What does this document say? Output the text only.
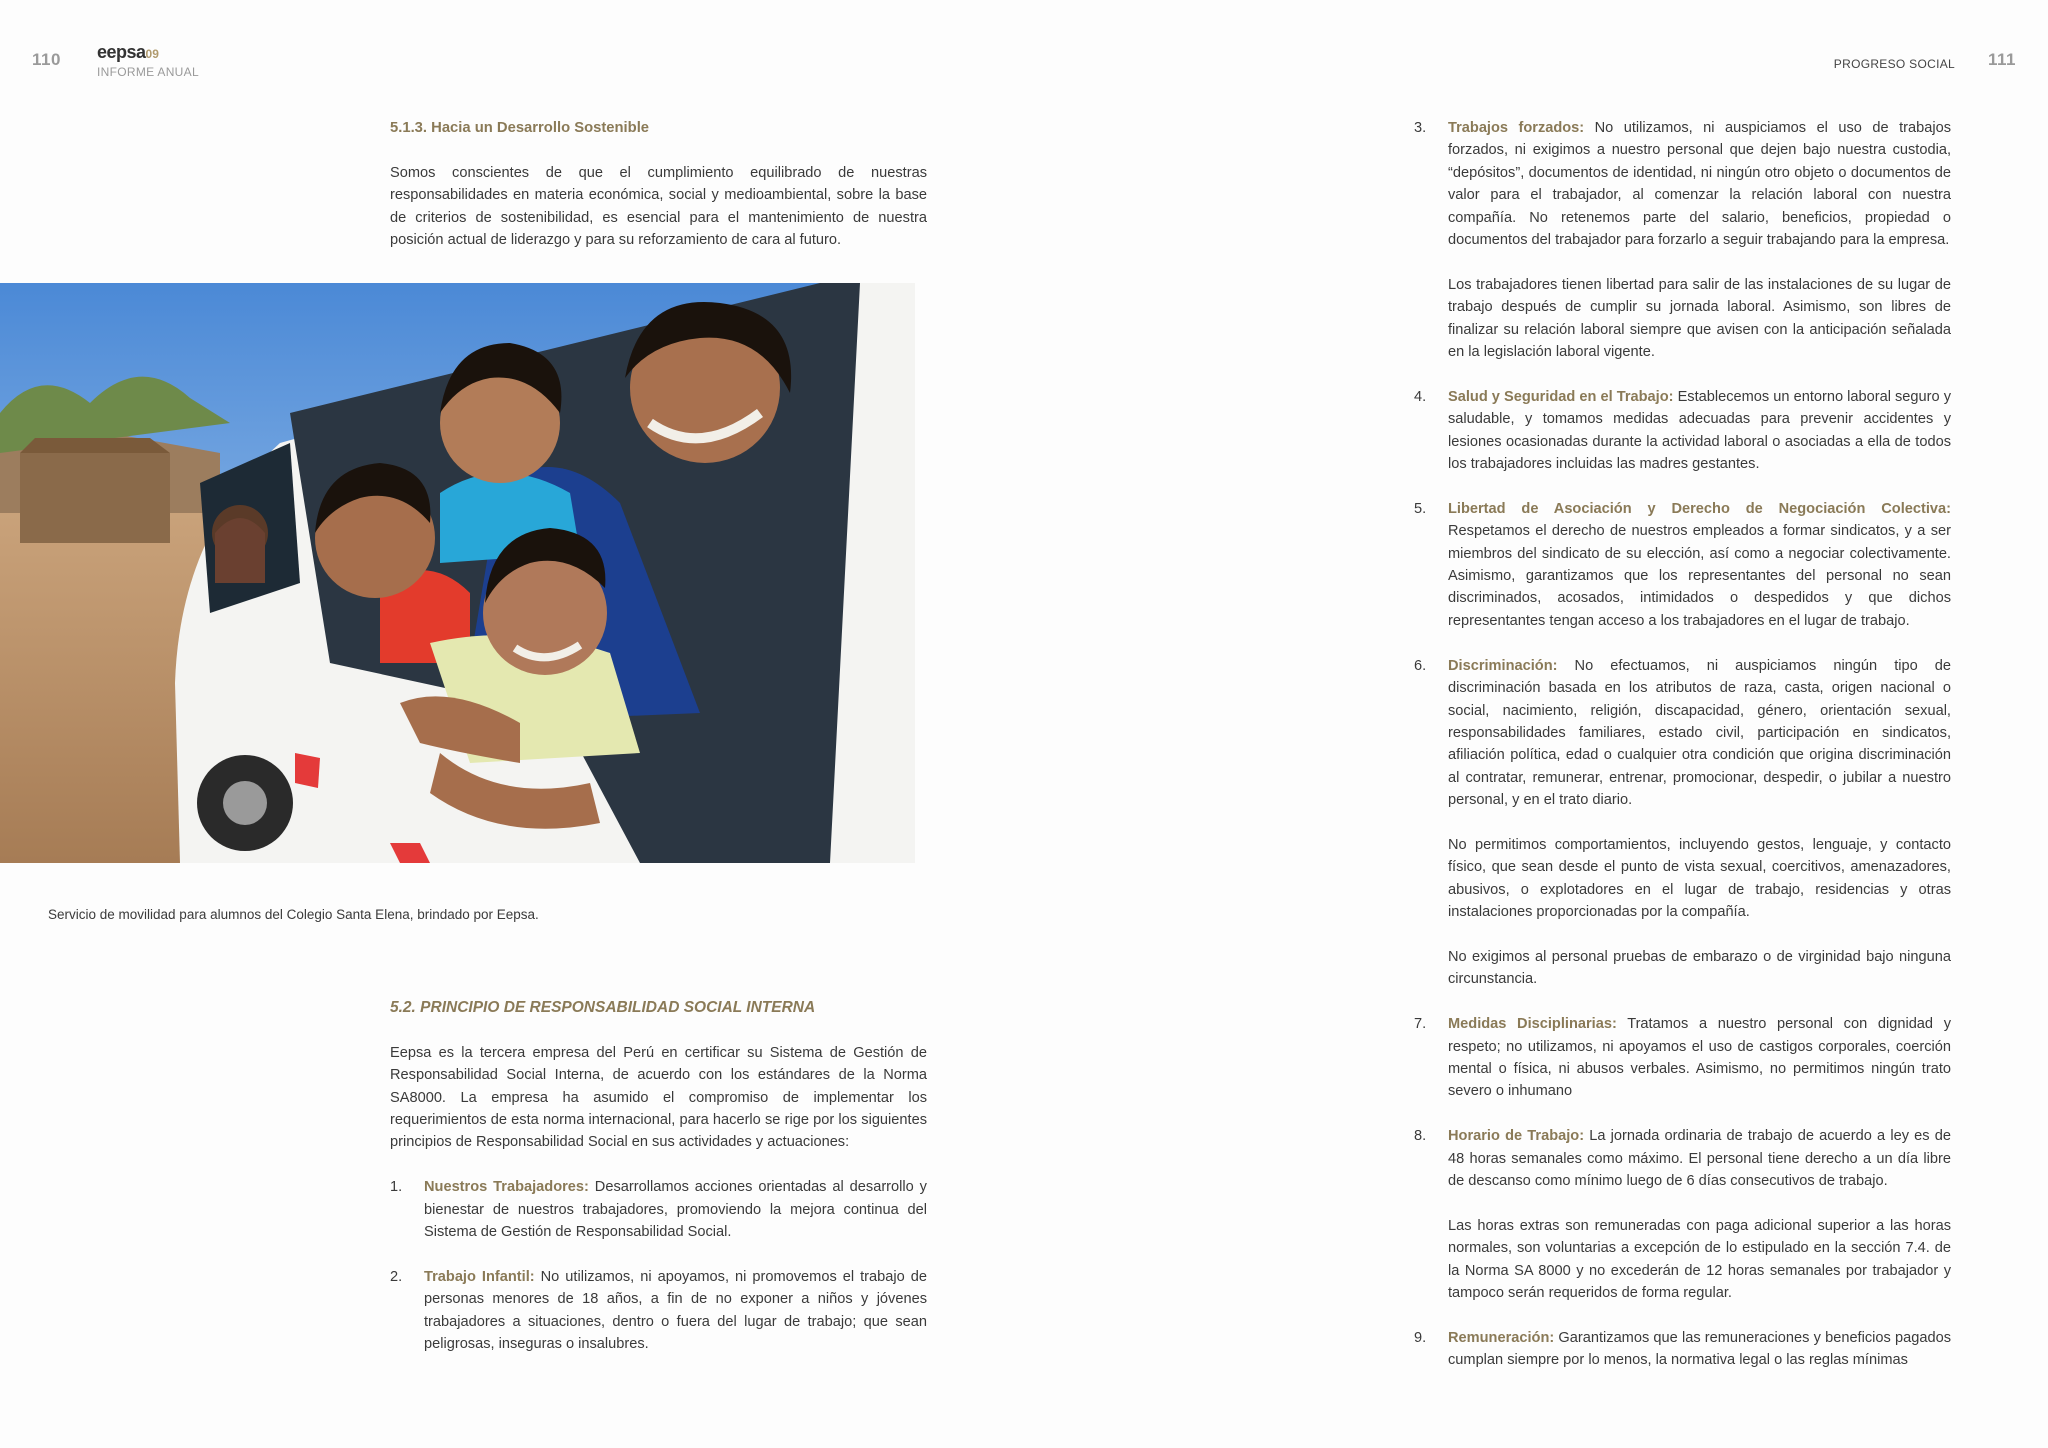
110 eepsa09
INFORME ANUAL
PROGRESO SOCIAL 111

5.1.3. Hacia un Desarrollo Sostenible

Somos conscientes de que el cumplimiento equilibrado de nuestras responsabilidades en materia económica, social y medioambiental, sobre la base de criterios de sostenibilidad, es esencial para el mantenimiento de nuestra posición actual de liderazgo y para su reforzamiento de cara al futuro.

Servicio de movilidad para alumnos del Colegio Santa Elena, brindado por Eepsa.

5.2. PRINCIPIO DE RESPONSABILIDAD SOCIAL INTERNA

Eepsa es la tercera empresa del Perú en certificar su Sistema de Gestión de Responsabilidad Social Interna, de acuerdo con los estándares de la Norma SA8000. La empresa ha asumido el compromiso de implementar los requerimientos de esta norma internacional, para hacerlo se rige por los siguientes principios de Responsabilidad Social en sus actividades y actuaciones:

1. Nuestros Trabajadores: Desarrollamos acciones orientadas al desarrollo y bienestar de nuestros trabajadores, promoviendo la mejora continua del Sistema de Gestión de Responsabilidad Social.

2. Trabajo Infantil: No utilizamos, ni apoyamos, ni promovemos el trabajo de personas menores de 18 años, a fin de no exponer a niños y jóvenes trabajadores a situaciones, dentro o fuera del lugar de trabajo; que sean peligrosas, inseguras o insalubres.

3. Trabajos forzados: No utilizamos, ni auspiciamos el uso de trabajos forzados, ni exigimos a nuestro personal que dejen bajo nuestra custodia, “depósitos”, documentos de identidad, ni ningún otro objeto o documentos de valor para el trabajador, al comenzar la relación laboral con nuestra compañía. No retenemos parte del salario, beneficios, propiedad o documentos del trabajador para forzarlo a seguir trabajando para la empresa.

Los trabajadores tienen libertad para salir de las instalaciones de su lugar de trabajo después de cumplir su jornada laboral. Asimismo, son libres de finalizar su relación laboral siempre que avisen con la anticipación señalada en la legislación laboral vigente.

4. Salud y Seguridad en el Trabajo: Establecemos un entorno laboral seguro y saludable, y tomamos medidas adecuadas para prevenir accidentes y lesiones ocasionadas durante la actividad laboral o asociadas a ella de todos los trabajadores incluidas las madres gestantes.

5. Libertad de Asociación y Derecho de Negociación Colectiva: Respetamos el derecho de nuestros empleados a formar sindicatos, y a ser miembros del sindicato de su elección, así como a negociar colectivamente. Asimismo, garantizamos que los representantes del personal no sean discriminados, acosados, intimidados o despedidos y que dichos representantes tengan acceso a los trabajadores en el lugar de trabajo.

6. Discriminación: No efectuamos, ni auspiciamos ningún tipo de discriminación basada en los atributos de raza, casta, origen nacional o social, nacimiento, religión, discapacidad, género, orientación sexual, responsabilidades familiares, estado civil, participación en sindicatos, afiliación política, edad o cualquier otra condición que origina discriminación al contratar, remunerar, entrenar, promocionar, despedir, o jubilar a nuestro personal, y en el trato diario.

No permitimos comportamientos, incluyendo gestos, lenguaje, y contacto físico, que sean desde el punto de vista sexual, coercitivos, amenazadores, abusivos, o explotadores en el lugar de trabajo, residencias y otras instalaciones proporcionadas por la compañía.

No exigimos al personal pruebas de embarazo o de virginidad bajo ninguna circunstancia.

7. Medidas Disciplinarias: Tratamos a nuestro personal con dignidad y respeto; no utilizamos, ni apoyamos el uso de castigos corporales, coerción mental o física, ni abusos verbales. Asimismo, no permitimos ningún trato severo o inhumano

8. Horario de Trabajo: La jornada ordinaria de trabajo de acuerdo a ley es de 48 horas semanales como máximo. El personal tiene derecho a un día libre de descanso como mínimo luego de 6 días consecutivos de trabajo.

Las horas extras son remuneradas con paga adicional superior a las horas normales, son voluntarias a excepción de lo estipulado en la sección 7.4. de la Norma SA 8000 y no excederán de 12 horas semanales por trabajador y tampoco serán requeridos de forma regular.

9. Remuneración: Garantizamos que las remuneraciones y beneficios pagados cumplan siempre por lo menos, la normativa legal o las reglas mínimas
